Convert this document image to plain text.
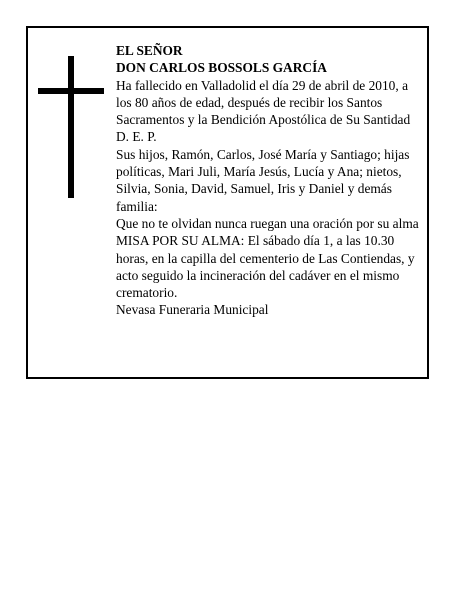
EL SEÑOR

DON CARLOS BOSSOLS GARCÍA

Ha fallecido en Valladolid el día 29 de abril de 2010, a los 80 años de edad, después de recibir los Santos Sacramentos y la Bendición Apostólica de Su Santidad D. E. P.

Sus hijos, Ramón, Carlos, José María y Santiago; hijas políticas, Mari Juli, María Jesús, Lucía y Ana; nietos, Silvia, Sonia, David, Samuel, Iris y Daniel y demás familia:

Que no te olvidan nunca ruegan una oración por su alma

MISA POR SU ALMA: El sábado día 1, a las 10.30 horas, en la capilla del cementerio de Las Contiendas, y acto seguido la incineración del cadáver en el mismo crematorio.

Nevasa Funeraria Municipal
